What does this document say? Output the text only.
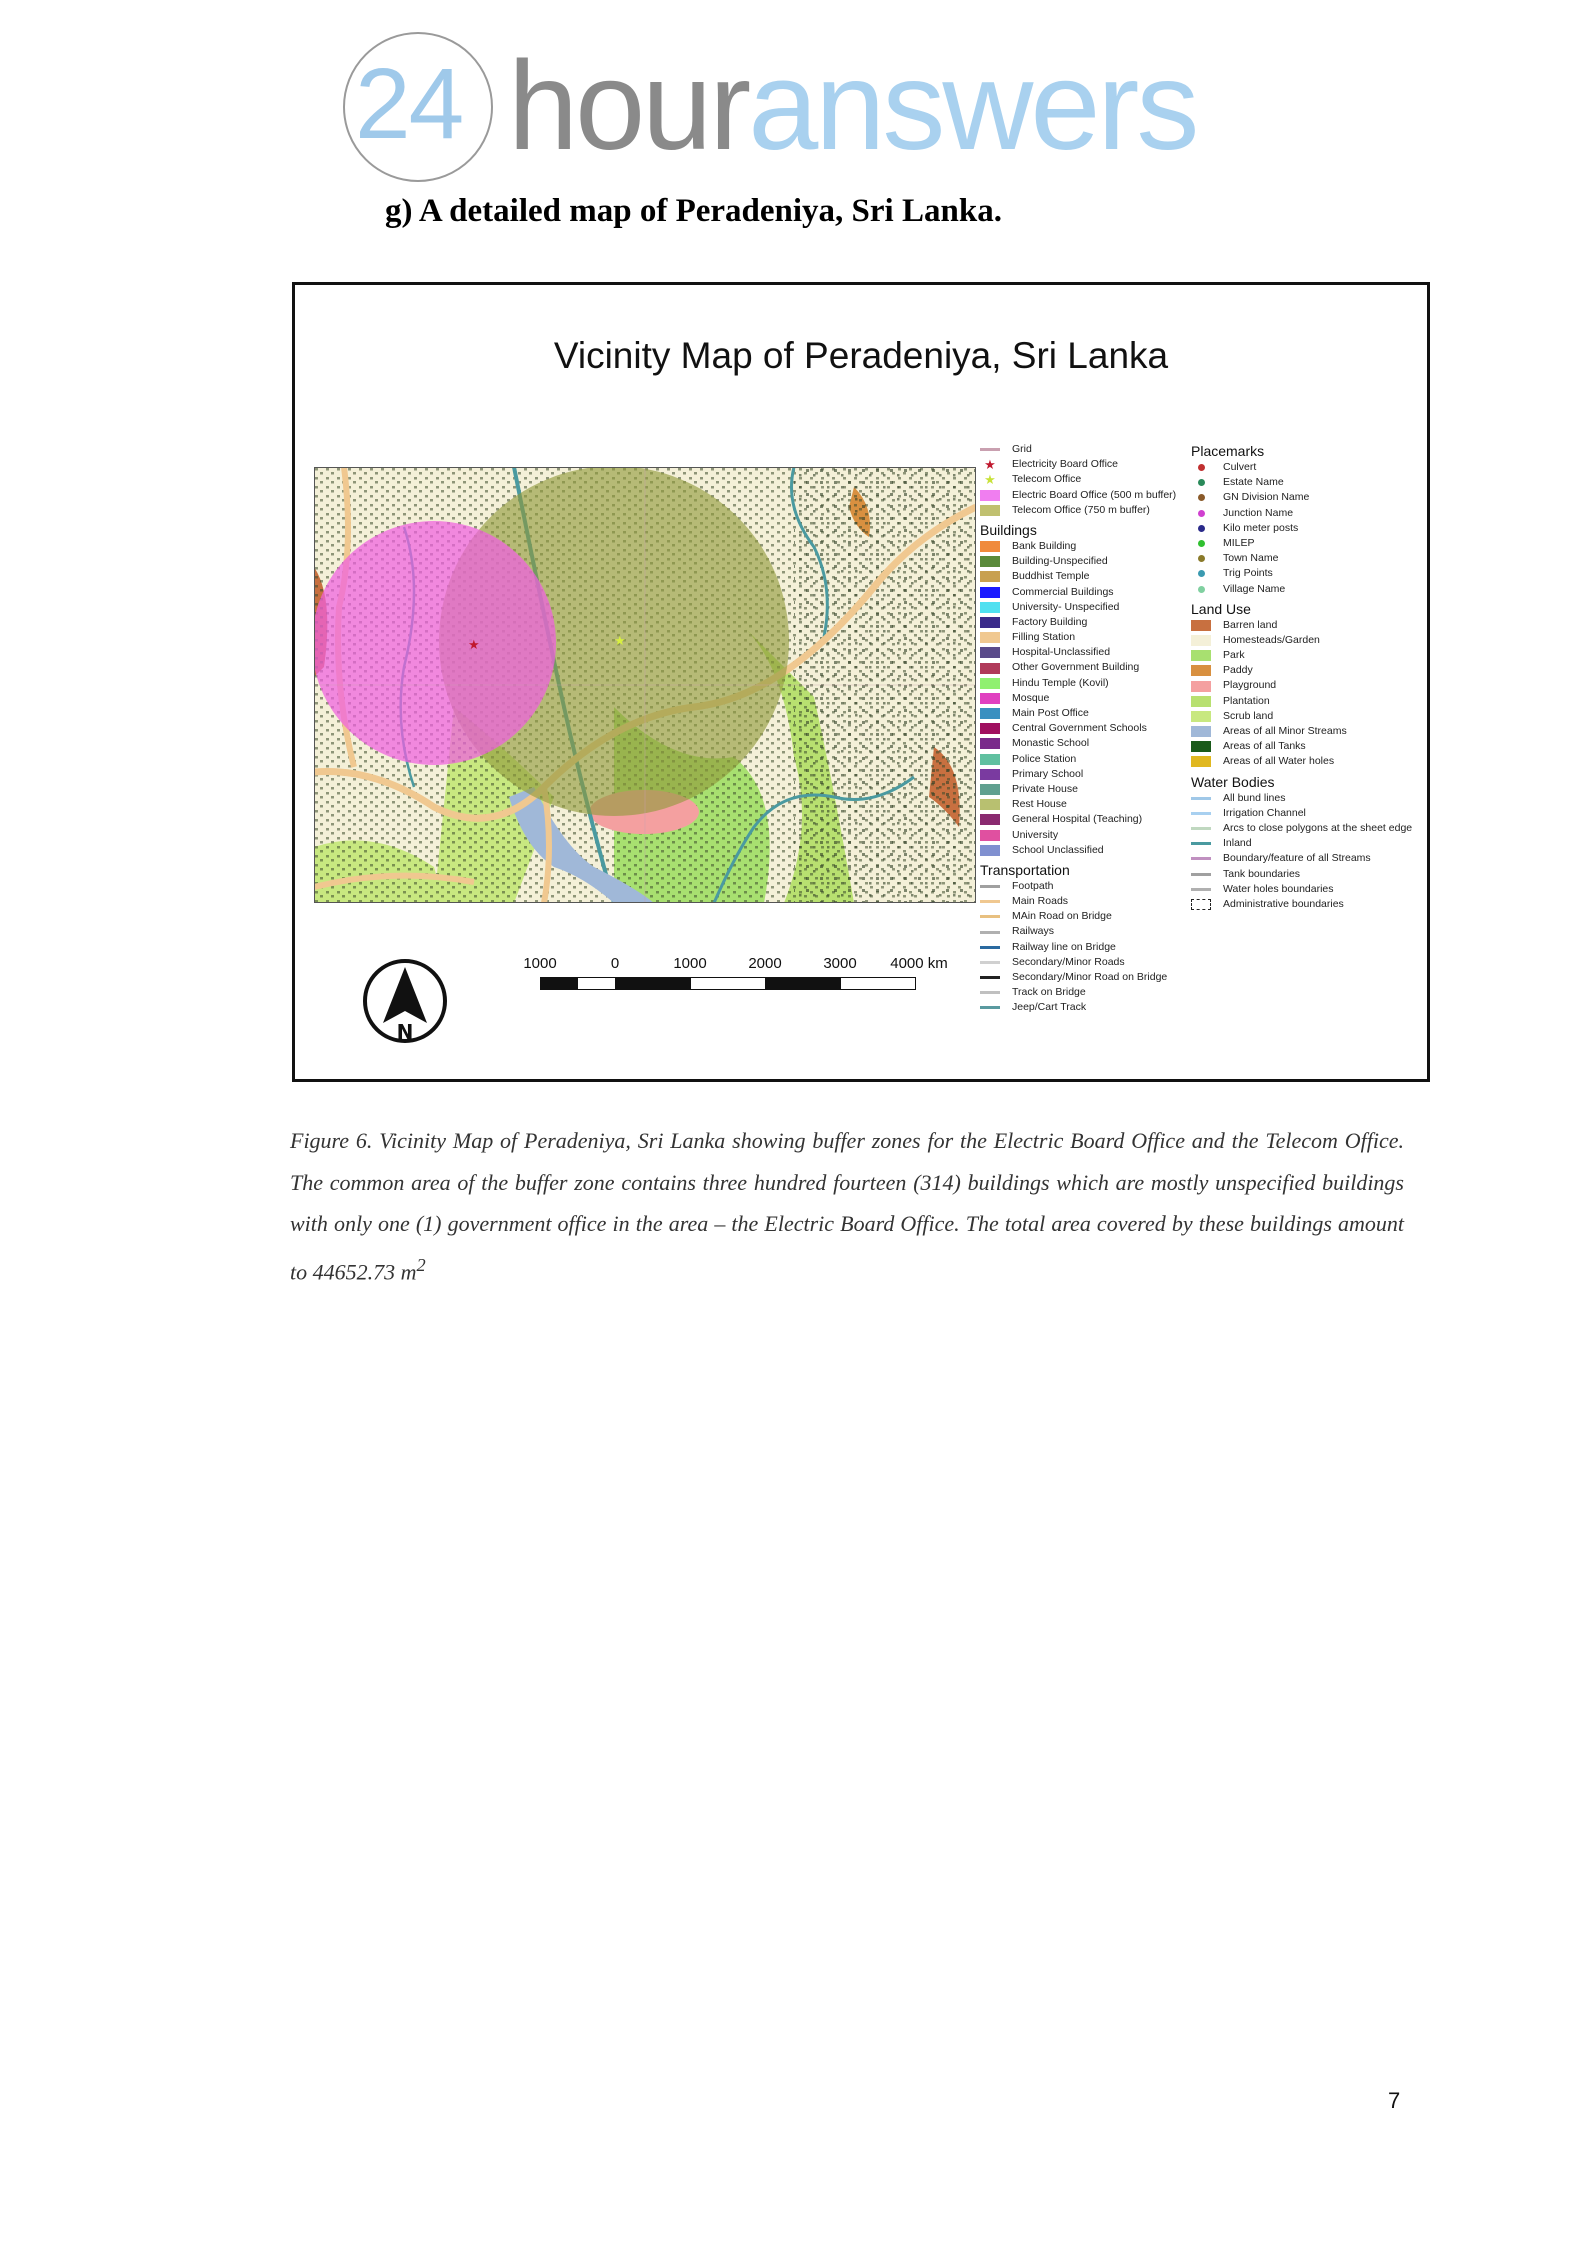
24 houranswers
g) A detailed map of Peradeniya, Sri Lanka.
Vicinity Map of Peradeniya, Sri Lanka
★	★
Grid
★	Electricity Board Office
★	Telecom Office
Electric Board Office (500 m buffer)
Telecom Office (750 m buffer)
Buildings
Bank Building
Building-Unspecified
Buddhist Temple
Commercial Buildings
University- Unspecified
Factory Building
Filling Station
Hospital-Unclassified
Other Government Building
Hindu Temple (Kovil)
Mosque
Main Post Office
Central Government Schools
Monastic School
Police Station
Primary School
Private House
Rest House
General Hospital (Teaching)
University
School Unclassified
Transportation
Footpath
Main Roads
MAin Road on Bridge
Railways
Railway line on Bridge
Secondary/Minor Roads
Secondary/Minor Road on Bridge
Track on Bridge
Jeep/Cart Track
Placemarks
Culvert
Estate Name
GN Division Name
Junction Name
Kilo meter posts
MILEP
Town Name
Trig Points
Village Name
Land Use
Barren land
Homesteads/Garden
Park
Paddy
Playground
Plantation
Scrub land
Areas of all Minor Streams
Areas of all Tanks
Areas of all Water holes
Water Bodies
All bund lines
Irrigation Channel
Arcs to close polygons at the sheet edge
Inland
Boundary/feature of all Streams
Tank boundaries
Water holes boundaries
Administrative boundaries
N
1000	0	1000	2000	3000 4000 km
Figure 6. Vicinity Map of Peradeniya, Sri Lanka showing buffer zones for the Electric Board Office and the Telecom Office. The common area of the buffer zone contains three hundred fourteen (314) buildings which are mostly unspecified buildings with only one (1) government office in the area – the Electric Board Office. The total area covered by these buildings amount to 44652.73 $m^2$
7
